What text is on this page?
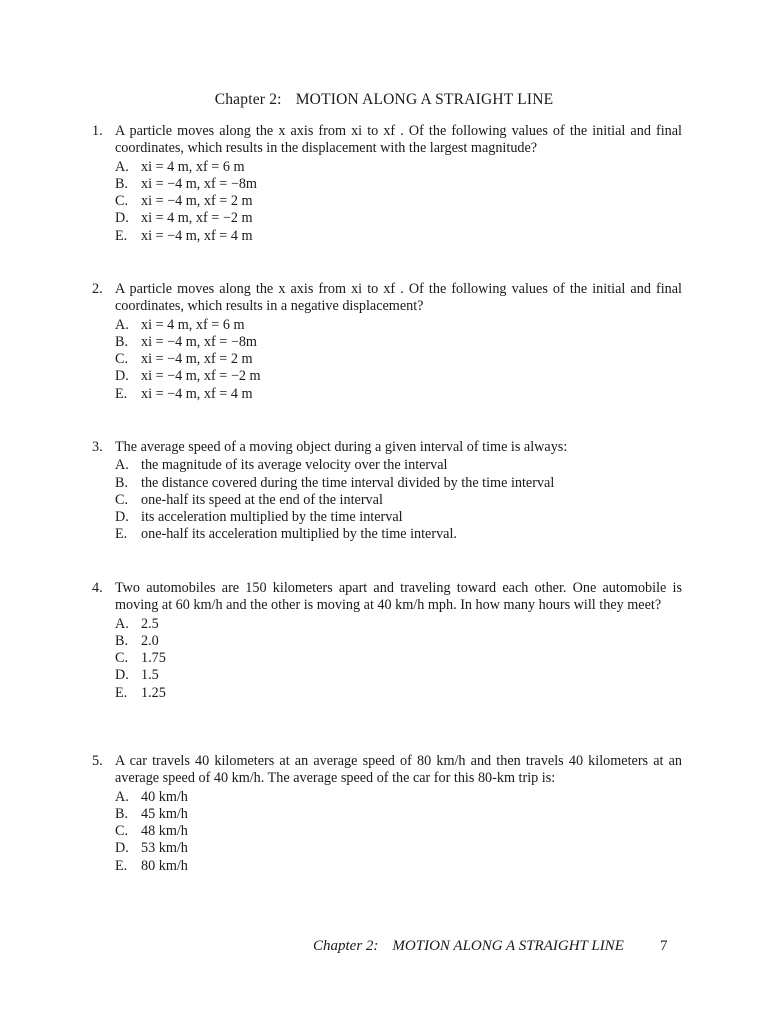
Chapter 2: MOTION ALONG A STRAIGHT LINE
1. A particle moves along the x axis from xi to xf . Of the following values of the initial and final coordinates, which results in the displacement with the largest magnitude?
A. xi = 4 m, xf = 6 m
B. xi = −4 m, xf = −8m
C. xi = −4 m, xf = 2 m
D. xi = 4 m, xf = −2 m
E. xi = −4 m, xf = 4 m
2. A particle moves along the x axis from xi to xf . Of the following values of the initial and final coordinates, which results in a negative displacement?
A. xi = 4 m, xf = 6 m
B. xi = −4 m, xf = −8m
C. xi = −4 m, xf = 2 m
D. xi = −4 m, xf = −2 m
E. xi = −4 m, xf = 4 m
3. The average speed of a moving object during a given interval of time is always:
A. the magnitude of its average velocity over the interval
B. the distance covered during the time interval divided by the time interval
C. one-half its speed at the end of the interval
D. its acceleration multiplied by the time interval
E. one-half its acceleration multiplied by the time interval.
4. Two automobiles are 150 kilometers apart and traveling toward each other. One automobile is moving at 60 km/h and the other is moving at 40 km/h mph. In how many hours will they meet?
A. 2.5
B. 2.0
C. 1.75
D. 1.5
E. 1.25
5. A car travels 40 kilometers at an average speed of 80 km/h and then travels 40 kilometers at an average speed of 40 km/h. The average speed of the car for this 80-km trip is:
A. 40 km/h
B. 45 km/h
C. 48 km/h
D. 53 km/h
E. 80 km/h
Chapter 2: MOTION ALONG A STRAIGHT LINE 7
